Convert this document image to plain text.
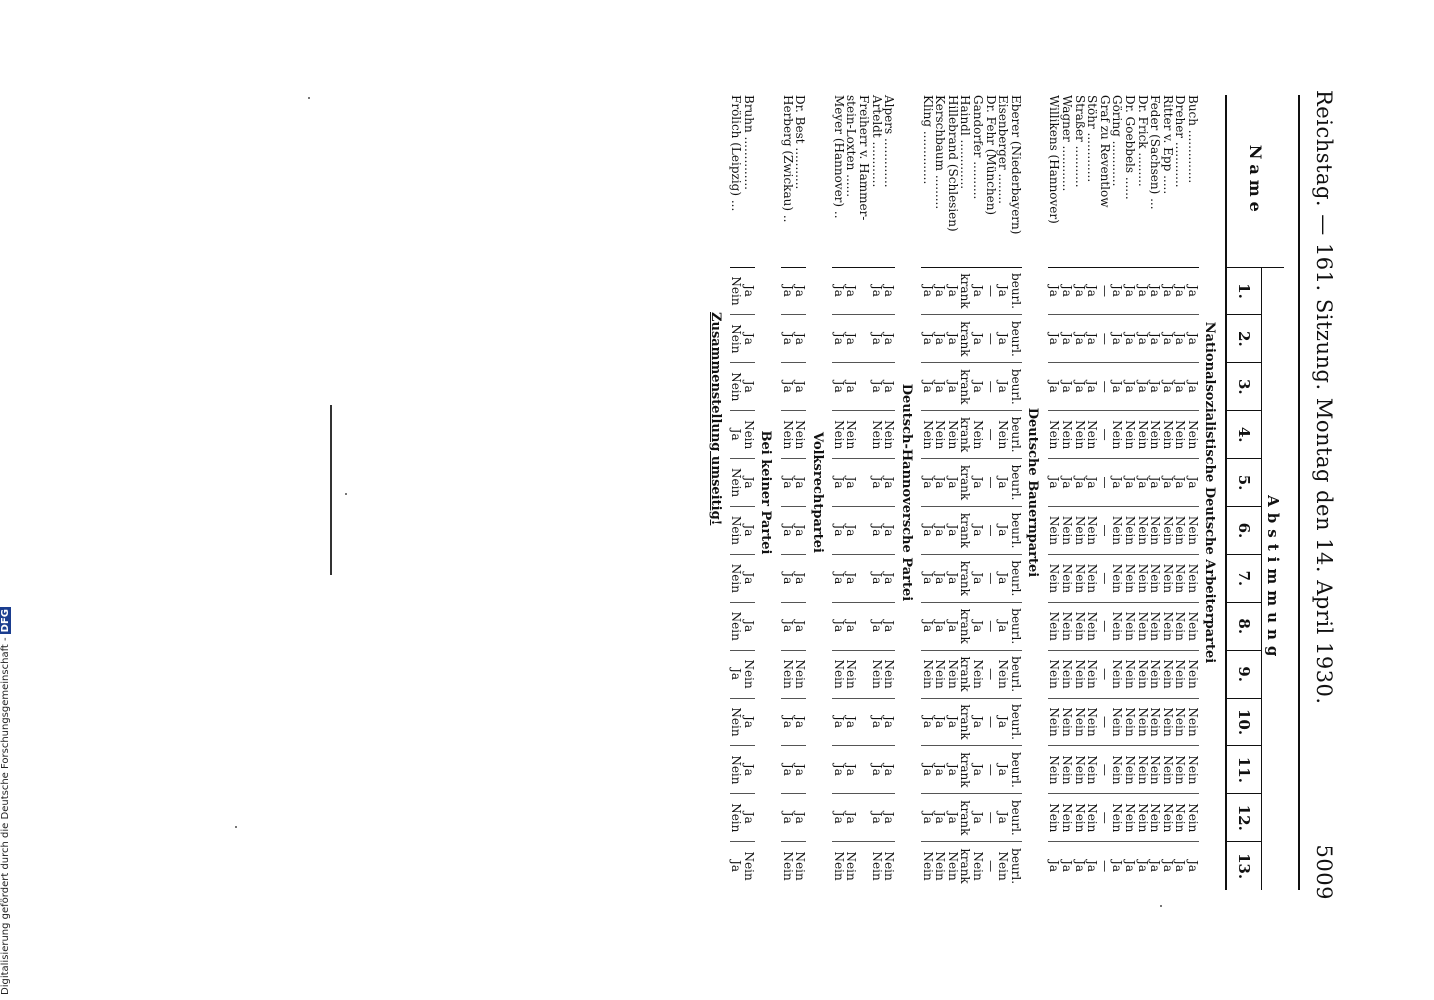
Reichstag. — 161. Sitzung. Montag den 14. April 1930.
5009
Name	Abstimmung												
	1.	2.	3.	4.	5.	6.	7.	8.	9.	10.	11.	12.	13.

Nationalsozialistische Deutsche Arbeiterpartei													
Buch ..............	Ja	Ja	Ja	Nein	Ja	Nein	Nein	Nein	Nein	Nein	Nein	Nein	Ja
Dreher ............	Ja	Ja	Ja	Nein	Ja	Nein	Nein	Nein	Nein	Nein	Nein	Nein	Ja
Ritter v. Epp .....	Ja	Ja	Ja	Nein	Ja	Nein	Nein	Nein	Nein	Nein	Nein	Nein	Ja
Feder (Sachsen) ...	Ja	Ja	Ja	Nein	Ja	Nein	Nein	Nein	Nein	Nein	Nein	Nein	Ja
Dr. Frick .........	Ja	Ja	Ja	Nein	Ja	Nein	Nein	Nein	Nein	Nein	Nein	Nein	Ja
Dr. Goebbels ......	Ja	Ja	Ja	Nein	Ja	Nein	Nein	Nein	Nein	Nein	Nein	Nein	Ja
Göring ............	Ja	Ja	Ja	Nein	Ja	Nein	Nein	Nein	Nein	Nein	Nein	Nein	Ja
Graf zu Reventlow	—	—	—	—	—	—	—	—	—	—	—	—	—
Stöhr .............	Ja	Ja	Ja	Nein	Ja	Nein	Nein	Nein	Nein	Nein	Nein	Nein	Ja
Straßer ...........	Ja	Ja	Ja	Nein	Ja	Nein	Nein	Nein	Nein	Nein	Nein	Nein	Ja
Wagner ............	Ja	Ja	Ja	Nein	Ja	Nein	Nein	Nein	Nein	Nein	Nein	Nein	Ja
Willikens (Hannover)	Ja	Ja	Ja	Nein	Ja	Nein	Nein	Nein	Nein	Nein	Nein	Nein	Ja
Deutsche Bauernpartei													
Eberer (Niederbayern)	beurl.	beurl.	beurl.	beurl.	beurl.	beurl.	beurl.	beurl.	beurl.	beurl.	beurl.	beurl.	beurl.
Eisenberger ........	Ja	Ja	Ja	Nein	Ja	Ja	Ja	Ja	Nein	Ja	Ja	Ja	Nein
Dr. Fehr (München)	—	—	—	—	—	—	—	—	—	—	—	—	—
Gandorfer ..........	Ja	Ja	Ja	Nein	Ja	Ja	Ja	Ja	Nein	Ja	Ja	Ja	Nein
Haindl .............	krank	krank	krank	krank	krank	krank	krank	krank	krank	krank	krank	krank	krank
Hillebrand (Schlesien)	Ja	Ja	Ja	Nein	Ja	Ja	Ja	Ja	Nein	Ja	Ja	Ja	Nein
Kerschbaum .........	Ja	Ja	Ja	Nein	Ja	Ja	Ja	Ja	Nein	Ja	Ja	Ja	Nein
Kling ..............	Ja	Ja	Ja	Nein	Ja	Ja	Ja	Ja	Nein	Ja	Ja	Ja	Nein
Deutsch-Hannoversche Partei													
Alpers .............	Ja	Ja	Ja	Nein	Ja	Ja	Ja	Ja	Nein	Ja	Ja	Ja	Nein
Arteldt ............	Ja	Ja	Ja	Nein	Ja	Ja	Ja	Ja	Nein	Ja	Ja	Ja	Nein
Freiherr v. Hammer-													
stein-Loxten ......	Ja	Ja	Ja	Nein	Ja	Ja	Ja	Ja	Nein	Ja	Ja	Ja	Nein
Meyer (Hannover) ..	Ja	Ja	Ja	Nein	Ja	Ja	Ja	Ja	Nein	Ja	Ja	Ja	Nein
Volksrechtpartei													
Dr. Best ...........	Ja	Ja	Ja	Nein	Ja	Ja	Ja	Ja	Nein	Ja	Ja	Ja	Nein
Herberg (Zwickau) ..	Ja	Ja	Ja	Nein	Ja	Ja	Ja	Ja	Nein	Ja	Ja	Ja	Nein
Bei keiner Partei													
Bruhn ..............	Ja	Ja	Ja	Nein	Ja	Ja	Ja	Ja	Nein	Ja	Ja	Ja	Nein
Frölich (Leipzig) ...	Nein	Nein	Nein	Ja	Nein	Nein	Nein	Nein	Ja	Nein	Nein	Nein	Ja
Zusammenstellung umseitig!
Digitalisierung gefördert durch die Deutsche Forschungsgemeinschaft -DFG
